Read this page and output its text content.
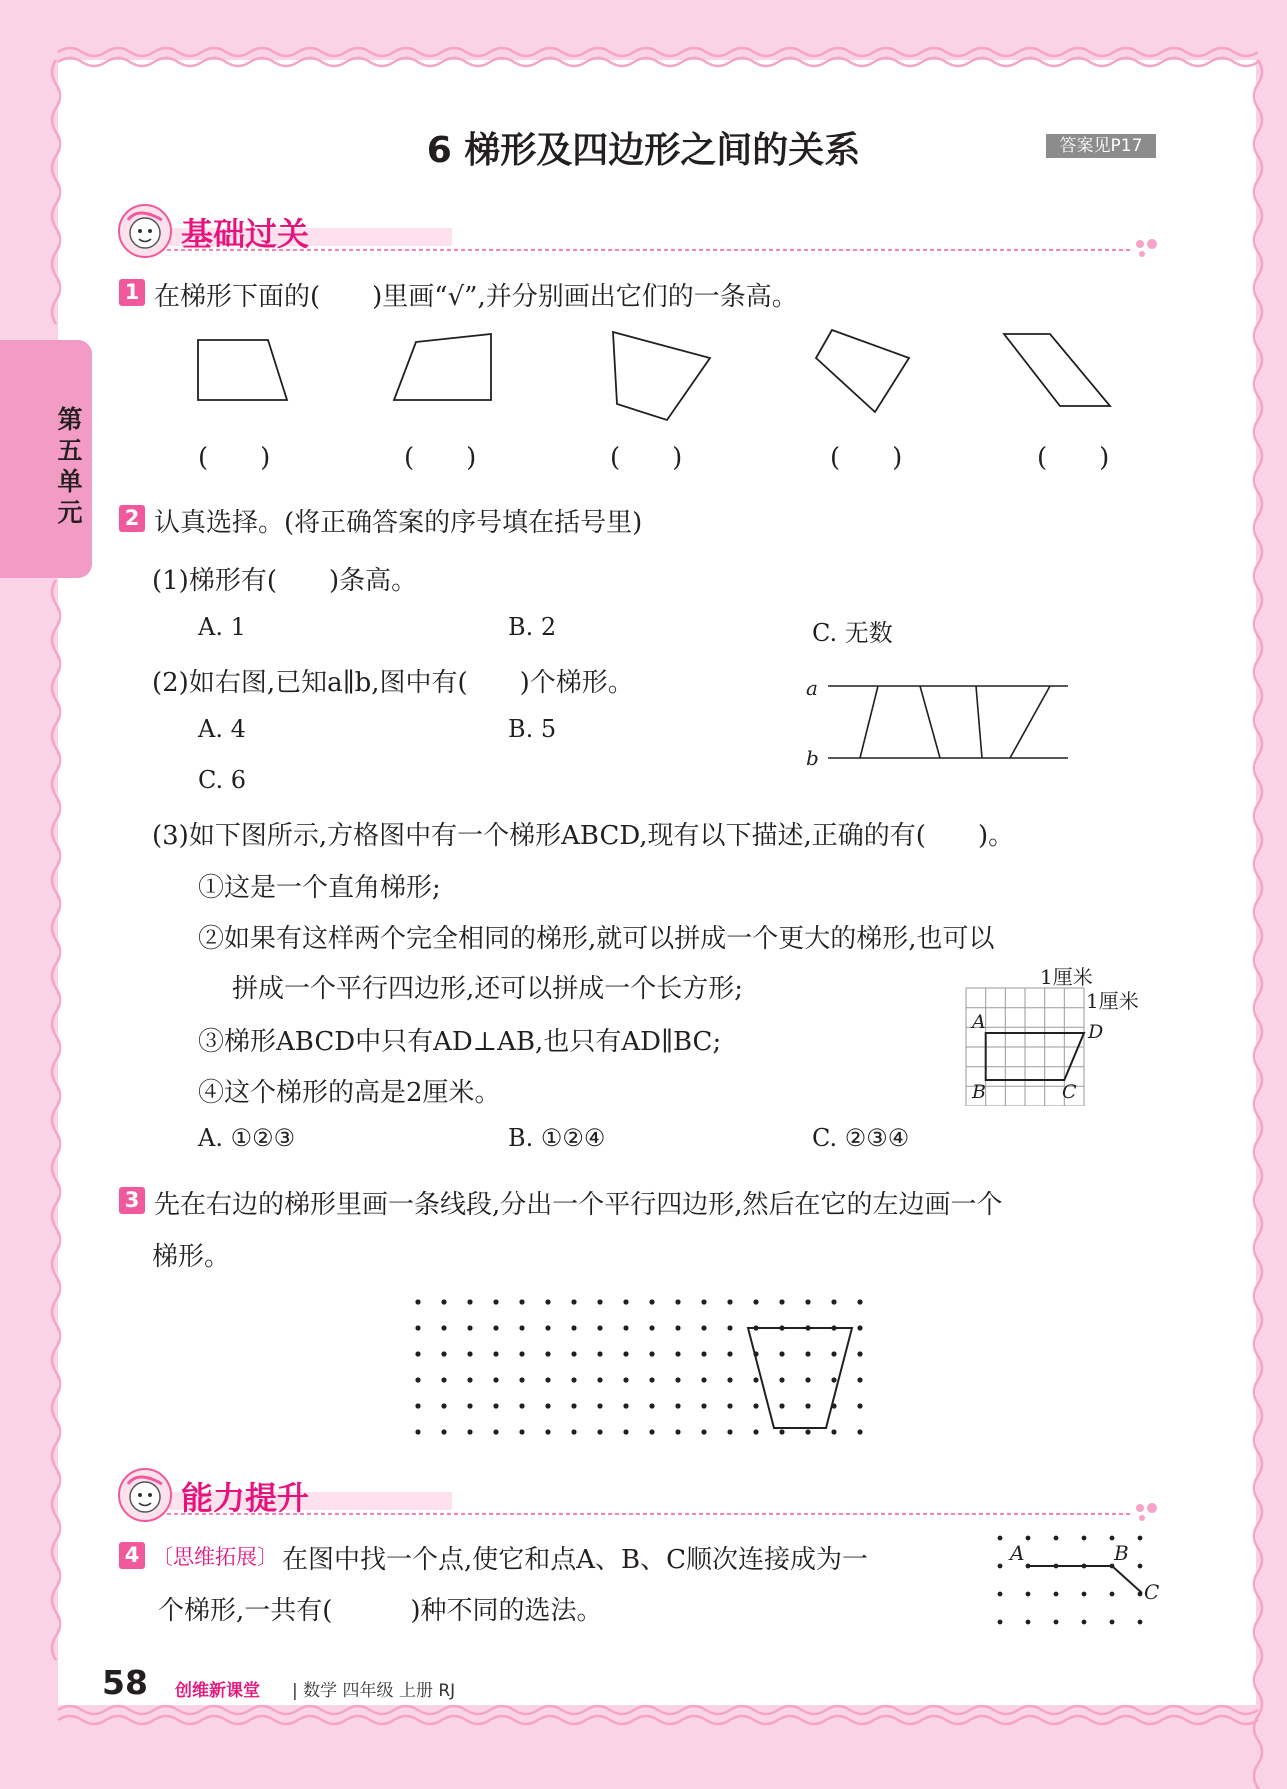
第
五
单
元
6 梯形及四边形之间的关系	答案见P17
基础过关
1 在梯形下面的(　　)里画“√”,并分别画出它们的一条高。
(　　)	(　　)	(　　)	(　　)	(　　)
2 认真选择。(将正确答案的序号填在括号里)
(1)梯形有(　　)条高。
A. 1	B. 2	C. 无数
(2)如右图,已知a∥b,图中有(　　)个梯形。
A. 4	B. 5
C. 6
a
b
(3)如下图所示,方格图中有一个梯形ABCD,现有以下描述,正确的有(　　)。
①这是一个直角梯形;
②如果有这样两个完全相同的梯形,就可以拼成一个更大的梯形,也可以
拼成一个平行四边形,还可以拼成一个长方形;
③梯形ABCD中只有AD⊥AB,也只有AD∥BC;
④这个梯形的高是2厘米。
A. ①②③	B. ①②④	C. ②③④
1厘米
1厘米
A	D
B	C
3 先在右边的梯形里画一条线段,分出一个平行四边形,然后在它的左边画一个
梯形。
能力提升
4 〔思维拓展〕 在图中找一个点,使它和点A、B、C顺次连接成为一
个梯形,一共有(　　　)种不同的选法。
A	B
C
58 创维新课堂 | 数学 四年级 上册 RJ
